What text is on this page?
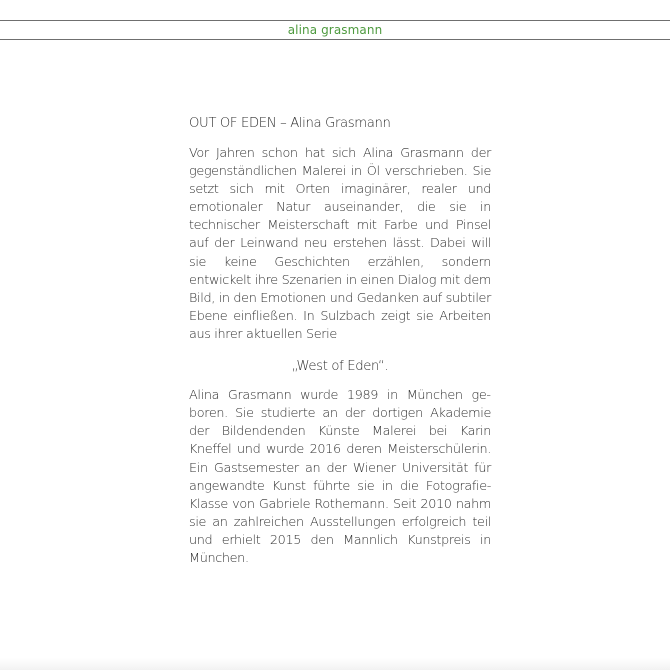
alina grasmann
OUT OF EDEN – Alina Grasmann

Vor Jahren schon hat sich Alina Grasmann der gegenständlichen Malerei in Öl verschrieben. Sie setzt sich mit Orten imaginärer, realer und emotionaler Natur auseinander, die sie in technischer Meisterschaft mit Farbe und Pinsel auf der Leinwand neu erstehen lässt. Dabei will sie keine Geschichten erzählen, sondern entwickelt ihre Szenarien in einen Dialog mit dem Bild, in den Emotionen und Gedanken auf subtiler Ebene einfließen. In Sulzbach zeigt sie Arbeiten aus ihrer aktuellen Serie

„West of Eden“.

Alina Grasmann wurde 1989 in München geboren. Sie studierte an der dortigen Akademie der Bildendenden Künste Malerei bei Karin Kneffel und wurde 2016 deren Meisterschülerin. Ein Gastsemester an der Wiener Universität für angewandte Kunst führte sie in die Fotografie-Klasse von Gabriele Rothemann. Seit 2010 nahm sie an zahlreichen Ausstellungen erfolgreich teil und erhielt 2015 den Mannlich Kunstpreis in München.
